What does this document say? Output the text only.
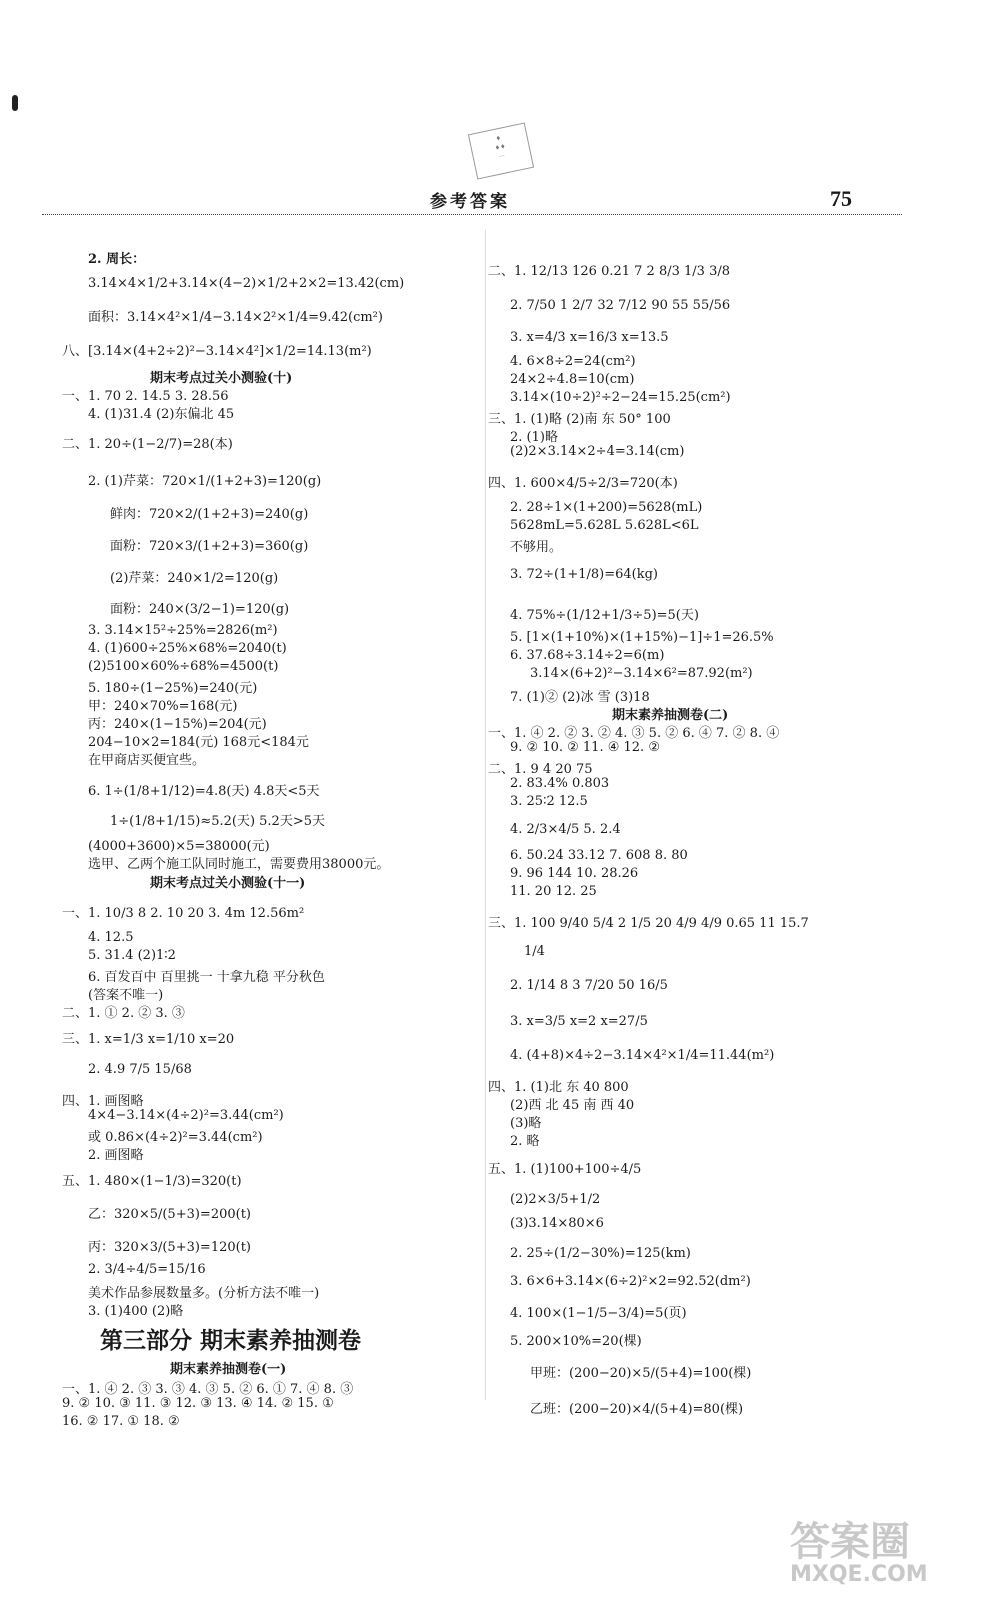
♦
♦♦
···
参考答案	75
2. 周长：
3.14×4×1/2+3.14×(4−2)×1/2+2×2=13.42(cm)
面积：3.14×4²×1/4−3.14×2²×1/4=9.42(cm²)
八、[3.14×(4+2÷2)²−3.14×4²]×1/2=14.13(m²)
期末考点过关小测验(十)
一、1. 70 2. 14.5 3. 28.56
4. (1)31.4 (2)东偏北 45
二、1. 20÷(1−2/7)=28(本)
2. (1)芹菜：720×1/(1+2+3)=120(g)
鲜肉：720×2/(1+2+3)=240(g)
面粉：720×3/(1+2+3)=360(g)
(2)芹菜：240×1/2=120(g)
面粉：240×(3/2−1)=120(g)
3. 3.14×15²÷25%=2826(m²)
4. (1)600÷25%×68%=2040(t)
(2)5100×60%÷68%=4500(t)
5. 180÷(1−25%)=240(元)
甲：240×70%=168(元)
丙：240×(1−15%)=204(元)
204−10×2=184(元) 168元<184元
在甲商店买便宜些。
6. 1÷(1/8+1/12)=4.8(天) 4.8天<5天
1÷(1/8+1/15)≈5.2(天) 5.2天>5天
(4000+3600)×5=38000(元)
选甲、乙两个施工队同时施工，需要费用38000元。
期末考点过关小测验(十一)
一、1. 10/3 8 2. 10 20 3. 4m 12.56m²
4. 12.5
5. 31.4 (2)1∶2
6. 百发百中 百里挑一 十拿九稳 平分秋色
(答案不唯一)
二、1. ① 2. ② 3. ③
三、1. x=1/3 x=1/10 x=20
2. 4.9 7/5 15/68
四、1. 画图略
4×4−3.14×(4÷2)²=3.44(cm²)
或 0.86×(4÷2)²=3.44(cm²)
2. 画图略
五、1. 480×(1−1/3)=320(t)
乙：320×5/(5+3)=200(t)
丙：320×3/(5+3)=120(t)
2. 3/4÷4/5=15/16
美术作品参展数量多。(分析方法不唯一)
3. (1)400 (2)略
第三部分 期末素养抽测卷
期末素养抽测卷(一)
一、1. ④ 2. ③ 3. ③ 4. ③ 5. ② 6. ① 7. ④ 8. ③
9. ② 10. ③ 11. ③ 12. ③ 13. ④ 14. ② 15. ①
16. ② 17. ① 18. ②
二、1. 12/13 126 0.21 7 2 8/3 1/3 3/8
2. 7/50 1 2/7 32 7/12 90 55 55/56
3. x=4/3 x=16/3 x=13.5
4. 6×8÷2=24(cm²)
24×2÷4.8=10(cm)
3.14×(10÷2)²÷2−24=15.25(cm²)
三、1. (1)略 (2)南 东 50° 100
2. (1)略
(2)2×3.14×2÷4=3.14(cm)
四、1. 600×4/5÷2/3=720(本)
2. 28÷1×(1+200)=5628(mL)
5628mL=5.628L 5.628L<6L
不够用。
3. 72÷(1+1/8)=64(kg)
4. 75%÷(1/12+1/3÷5)=5(天)
5. [1×(1+10%)×(1+15%)−1]÷1=26.5%
6. 37.68÷3.14÷2=6(m)
3.14×(6+2)²−3.14×6²=87.92(m²)
7. (1)② (2)冰 雪 (3)18
期末素养抽测卷(二)
一、1. ④ 2. ② 3. ② 4. ③ 5. ② 6. ④ 7. ② 8. ④
9. ② 10. ② 11. ④ 12. ②
二、1. 9 4 20 75
2. 83.4% 0.803
3. 25∶2 12.5
4. 2/3×4/5 5. 2.4
6. 50.24 33.12 7. 608 8. 80
9. 96 144 10. 28.26
11. 20 12. 25
三、1. 100 9/40 5/4 2 1/5 20 4/9 4/9 0.65 11 15.7
1/4
2. 1/14 8 3 7/20 50 16/5
3. x=3/5 x=2 x=27/5
4. (4+8)×4÷2−3.14×4²×1/4=11.44(m²)
四、1. (1)北 东 40 800
(2)西 北 45 南 西 40
(3)略
2. 略
五、1. (1)100+100÷4/5
(2)2×3/5+1/2
(3)3.14×80×6
2. 25÷(1/2−30%)=125(km)
3. 6×6+3.14×(6÷2)²×2=92.52(dm²)
4. 100×(1−1/5−3/4)=5(页)
5. 200×10%=20(棵)
甲班：(200−20)×5/(5+4)=100(棵)
乙班：(200−20)×4/(5+4)=80(棵)
答案圈
MXQE.COM
